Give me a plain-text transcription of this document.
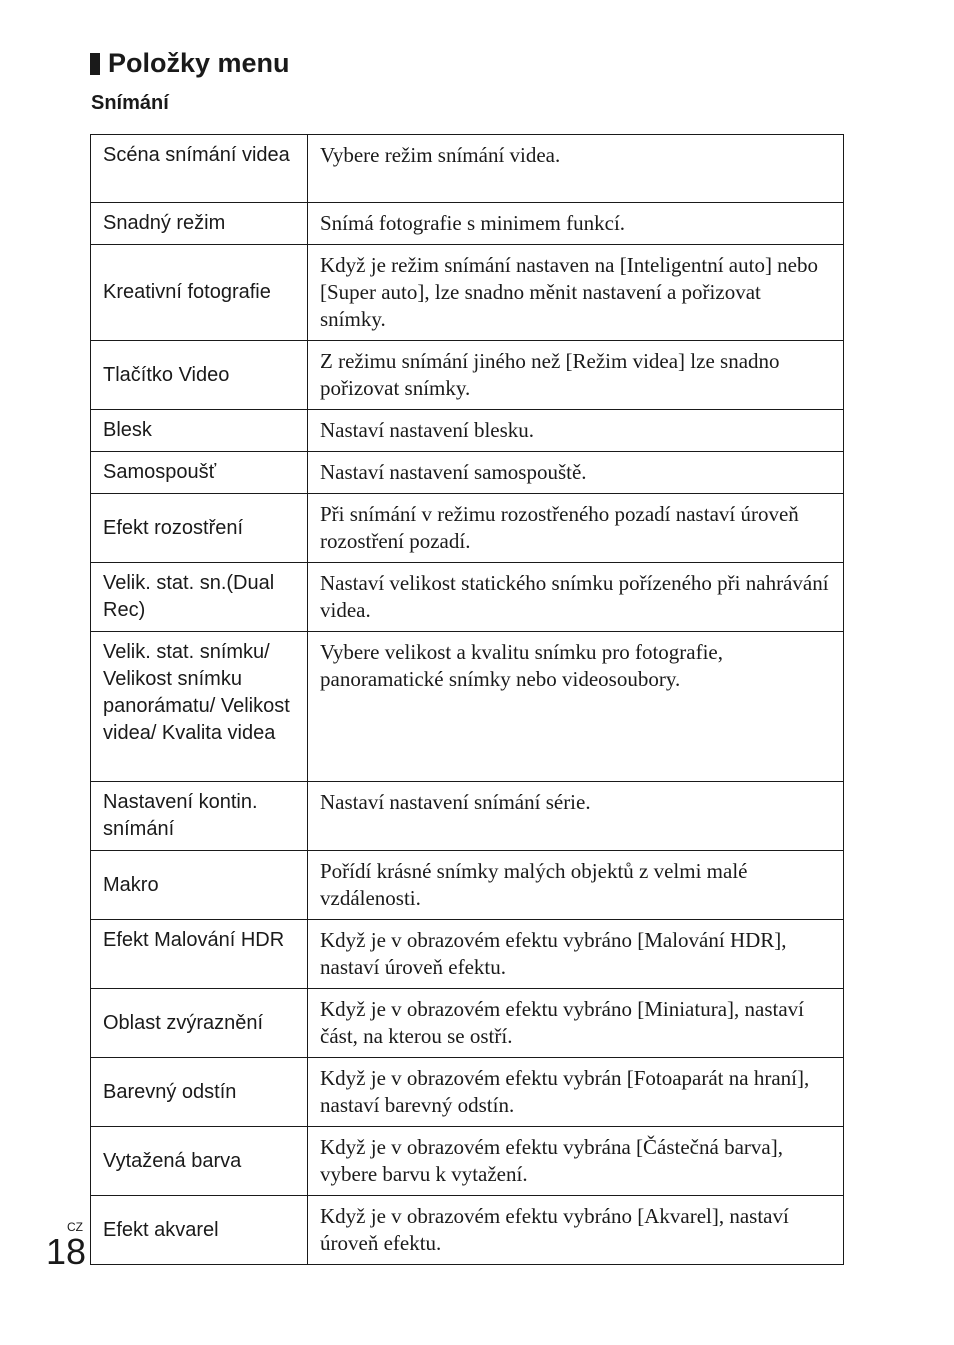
Položky menu
Snímání
Scéna snímání videa	Vybere režim snímání videa.
Snadný režim	Snímá fotografie s minimem funkcí.
Kreativní fotografie	Když je režim snímání nastaven na [Inteligentní auto] nebo [Super auto], lze snadno měnit nastavení a pořizovat snímky.
Tlačítko Video	Z režimu snímání jiného než [Režim videa] lze snadno pořizovat snímky.
Blesk	Nastaví nastavení blesku.
Samospoušť	Nastaví nastavení samospouště.
Efekt rozostření	Při snímání v režimu rozostřeného pozadí nastaví úroveň rozostření pozadí.
Velik. stat. sn.(Dual Rec)	Nastaví velikost statického snímku pořízeného při nahrávání videa.
Velik. stat. snímku/ Velikost snímku panorámatu/ Velikost videa/ Kvalita videa	Vybere velikost a kvalitu snímku pro fotografie, panoramatické snímky nebo videosoubory.
Nastavení kontin. snímání	Nastaví nastavení snímání série.
Makro	Pořídí krásné snímky malých objektů z velmi malé vzdálenosti.
Efekt Malování HDR	Když je v obrazovém efektu vybráno [Malování HDR], nastaví úroveň efektu.
Oblast zvýraznění	Když je v obrazovém efektu vybráno [Miniatura], nastaví část, na kterou se ostří.
Barevný odstín	Když je v obrazovém efektu vybrán [Fotoaparát na hraní], nastaví barevný odstín.
Vytažená barva	Když je v obrazovém efektu vybrána [Částečná barva], vybere barvu k vytažení.
Efekt akvarel	Když je v obrazovém efektu vybráno [Akvarel], nastaví úroveň efektu.
CZ
18
